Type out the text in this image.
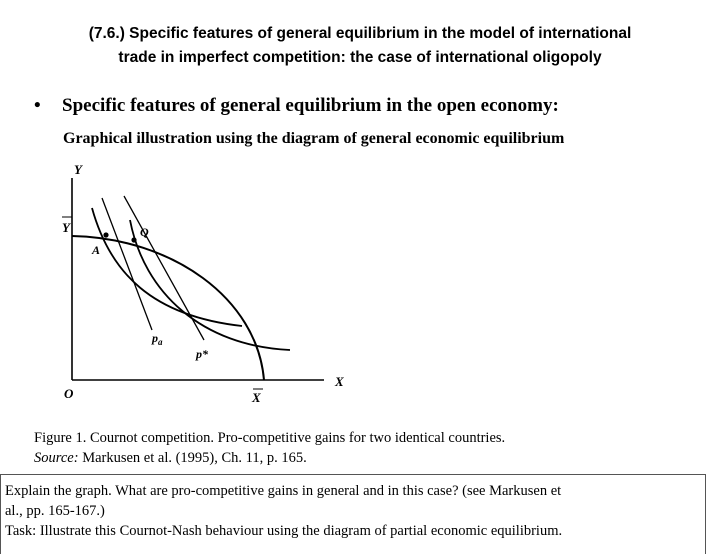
(7.6.) Specific features of general equilibrium in the model of international
trade in imperfect competition: the case of international oligopoly
• Specific features of general equilibrium in the open economy:
Graphical illustration using the diagram of general economic equilibrium
Y
X
O
Y
X
A
Q
$p_a$
p*
Figure 1. Cournot competition. Pro-competitive gains for two identical countries.
Source: Markusen et al. (1995), Ch. 11, p. 165.
Explain the graph. What are pro-competitive gains in general and in this case? (see Markusen et
al., pp. 165-167.)
Task: Illustrate this Cournot-Nash behaviour using the diagram of partial economic equilibrium.
